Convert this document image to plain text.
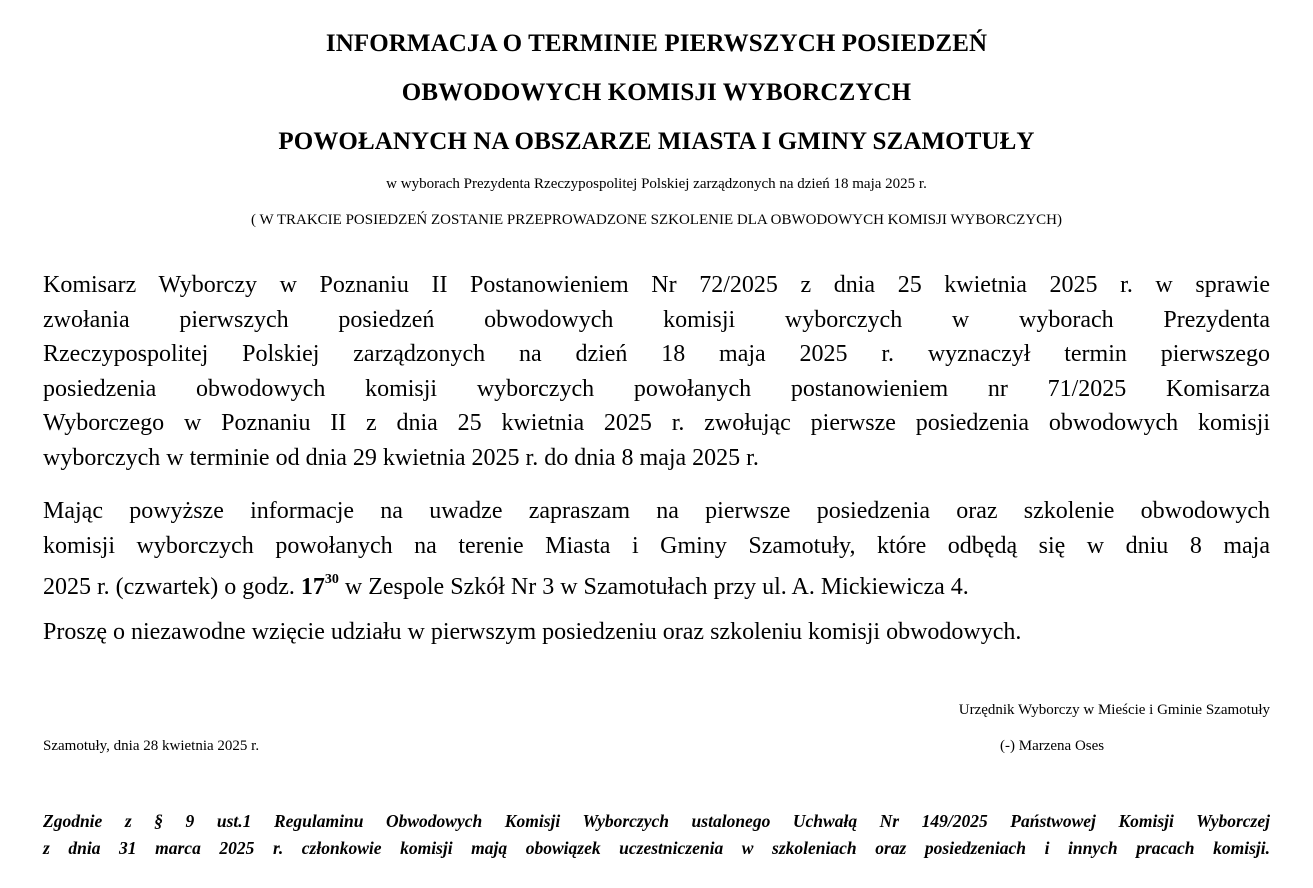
INFORMACJA O TERMINIE PIERWSZYCH POSIEDZEŃ
OBWODOWYCH KOMISJI WYBORCZYCH
POWOŁANYCH NA OBSZARZE MIASTA I GMINY SZAMOTUŁY
w wyborach Prezydenta Rzeczypospolitej Polskiej zarządzonych na dzień 18 maja 2025 r.
( W TRAKCIE POSIEDZEŃ ZOSTANIE PRZEPROWADZONE SZKOLENIE DLA OBWODOWYCH KOMISJI WYBORCZYCH)
Komisarz Wyborczy w Poznaniu II Postanowieniem Nr 72/2025 z dnia 25 kwietnia 2025 r. w sprawie
zwołania pierwszych posiedzeń obwodowych komisji wyborczych w wyborach Prezydenta
Rzeczypospolitej Polskiej zarządzonych na dzień 18 maja 2025 r. wyznaczył termin pierwszego
posiedzenia obwodowych komisji wyborczych powołanych postanowieniem nr 71/2025 Komisarza
Wyborczego w Poznaniu II z dnia 25 kwietnia 2025 r. zwołując pierwsze posiedzenia obwodowych komisji
wyborczych w terminie od dnia 29 kwietnia 2025 r. do dnia 8 maja 2025 r.
Mając powyższe informacje na uwadze zapraszam na pierwsze posiedzenia oraz szkolenie obwodowych
komisji wyborczych powołanych na terenie Miasta i Gminy Szamotuły, które odbędą się w dniu 8 maja
2025 r. (czwartek) o godz. $17^{30}$ w Zespole Szkół Nr 3 w Szamotułach przy ul. A. Mickiewicza 4.
Proszę o niezawodne wzięcie udziału w pierwszym posiedzeniu oraz szkoleniu komisji obwodowych.
Urzędnik Wyborczy w Mieście i Gminie Szamotuły
Szamotuły, dnia 28 kwietnia 2025 r.	(-) Marzena Oses
Zgodnie z § 9 ust.1 Regulaminu Obwodowych Komisji Wyborczych ustalonego Uchwałą Nr 149/2025 Państwowej Komisji Wyborczej
z dnia 31 marca 2025 r. członkowie komisji mają obowiązek uczestniczenia w szkoleniach oraz posiedzeniach i innych pracach komisji.
